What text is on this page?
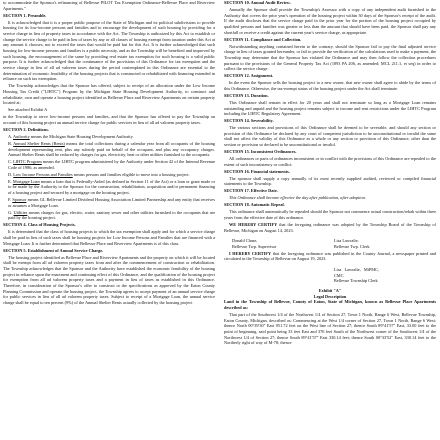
to accommodate the Sponsor's refinancing of Bellevue PILOT Tax Exemption Ordinance-Bellevue Place and Riverview Apartments."

SECTION 1. Preamble.

It is acknowledged that it is a proper public purpose of the State of Michigan and its political subdivisions to provide housing for its low-income persons and families and to encourage the development of such housing by providing for a service charge in lieu of property taxes in accordance with the Act. The Township is authorized by this Act to establish or change the service charge to be paid in lieu of taxes by any or all classes of housing exempt from taxation under this Act at any amount it chooses, not to exceed the taxes that would be paid but for this Act. It is further acknowledged that such housing for low-income persons and families is a public necessity, and as the Township will be benefited and improved by such housing, the encouragement of the same by providing real estate tax exemption for such housing is a valid public purpose. It is further acknowledged that the continuance of the provisions of this Ordinance for tax exemption and the service charge in lieu of all ad valorem taxes during the period contemplated in this Ordinance are essential to the determination of economic feasibility of the housing projects that is constructed or rehabilitated with financing extended in reliance on such tax exemption.

The Township acknowledges that the Sponsor has offered, subject to receipt of an allocation under the Low Income Housing Tax Credit ("LIHTC") Program by the Michigan State Housing Development Authority, to construct and rehabilitate, own and operate a housing project identified as Bellevue Place and Riverview Apartments on certain property located at:

See attached Exhibit A

in the Township to serve low-income persons and families, and that the Sponsor has offered to pay the Township on account of this housing project an annual service charge for public services in lieu of all ad valorem property taxes.

SECTION 2. Definitions.

A. Authority means the Michigan State Housing Development Authority.

B. Annual Shelter Rents (Rents) means the total collections during a calendar year from all occupants of the housing development representing rent, plus any subsidy paid on behalf of the occupant, and plus any occupancy charges. Annual Shelter Rents shall be reduced by charges for gas, electricity, heat or other utilities furnished to the occupants.

C. LIHTC Program means the LIHTC program administered by the Authority under Section 42 of the Internal Revenue Code of 1986, as amended.

D. Low Income Persons and Families means persons and families eligible to move into a housing project.

E. Mortgage Loan means a loan that is Federally-Aided (as defined in Section 11 of the Act) or a loan or grant made or to be made by the Authority to the Sponsor for the construction, rehabilitation, acquisition and/or permanent financing of a housing project and secured by a mortgage on the housing project.

F. Sponsor means GL Bellevue Limited Dividend Housing Association Limited Partnership and any entity that receives or assumes a Mortgage Loan.

G. Utilities means charges for gas, electric, water, sanitary sewer and other utilities furnished to the occupants that are paid by the housing project.

SECTION 4. Class of Housing Projects.

It is determined that the class of housing projects to which the tax exemption shall apply and for which a service charge shall be paid in lieu of such taxes shall be housing projects for Low Income Persons and Families that are financed with a Mortgage Loan. It is further determined that Bellevue Place and Riverview Apartments is of this class.

SECTION 5. Establishment of Annual Service Charge.

The housing project identified as Bellevue Place and Riverview Apartments and the property on which it will be located shall be exempt from all ad valorem property taxes from and after the commencement of construction or rehabilitation. The Township acknowledges that the Sponsor and the Authority have established the economic feasibility of the housing project in reliance upon the enactment and continuing effect of this Ordinance, and the qualification of the housing project for exemption from all ad valorem property taxes and a payment in lieu of taxes as established in this Ordinance. Therefore, in consideration of the Sponsor's offer to construct to the specifications as approved by the Eaton County Planning Commission and operate the housing project, the Township agrees to accept payment of an annual service charge for public services in lieu of all ad valorem property taxes. Subject to receipt of a Mortgage Loan, the annual service charge shall be equal to ten percent (9%) of the Annual Shelter Rents actually collected by the housing project

SECTION 10. Annual Audit Review.

Annually the Sponsor shall provide the Township's Assessor with a copy of any independent audit furnished to the Authority that covers the prior year's operation of the housing project within 30 days of the Sponsor's receipt of the audit. If the audit discloses that the service charge paid in the prior year for the portion of the housing project occupied by qualified persons and families was greater or less than the amount that should have been paid, the Sponsor shall pay any shortfall or receive a credit against the current year's service charge, as appropriate.

SECTION 11. Compliance and Collection.

Notwithstanding anything contained herein to the contrary, should the Sponsor fail to pay the final adjusted service charge in lieu of taxes granted hereunder, or fail to provide the verification of the calculations used to make a payment, the Township may determine that the Sponsor has violated the Ordinance and may then follow the collection procedures pursuant to the provisions of the General Property Tax Act (1893 PA 206, as amended; MCL 211.1, et seq) in order to collect the service charge.

SECTION 12. Assignment.

In the event the Sponsor sells the housing project to a new owner, that new owner shall agree to abide by the terms of this Ordinance. Otherwise, the tax-exempt status of the housing project under the Act shall terminate.

SECTION 13. Duration.

This Ordinance shall remain in effect for 20 years and shall not terminate so long as a Mortgage Loan remains outstanding and unpaid and the housing project remains subject to income and rent restrictions under the LIHTC Program including the LIHTC Regulatory Agreement.

SECTION 14. Severability.

The various sections and provisions of this Ordinance shall be deemed to be severable, and should any section or provision of this Ordinance be declared by any court of competent jurisdiction to be unconstitutional or invalid the same shall not affect the validity of this Ordinance as a whole or any section or provision of this Ordinance, other than the section or provision so declared to be unconstitutional or invalid.

SECTION 15. Inconsistent Ordinances.

All ordinances or parts of ordinances inconsistent or in conflict with the provisions of this Ordinance are repealed to the extent of such inconsistency or conflict.

SECTION 16. Financial statements.

The sponsor shall supply a copy annually of its most recently supplied audited, reviewed or compiled financial statements to the Township.

SECTION 17. Effective Date.

This Ordinance shall become effective the day after publication, after adoption.

SECTION 18. Automatic Repeal.

This ordinance shall automatically be repealed should the Sponsor not commence actual construction/rehab within three years from the effective date of this ordinance.

WE HEREBY CERTIFY that the foregoing ordinance was adopted by the Township Board of the Township of Bellevue, Michigan on August 14, 2023.

Donald Chase,
Bellevue Twp. Supervisor
Lisa Lawralie,
Bellevue Twp. Clerk

I HEREBY CERTIFY that the foregoing ordinance was published in the County Journal, a newspaper printed and circulated in the Township of Bellevue on August 19, 2023.

Lisa Lawralie, MiPMC, CMC
Bellevue Township Clerk
Exhibit "A"
Legal Description

Land in the Township of Bellevue, County of Eaton, State of Michigan, known as Bellevue Place Apartments described as:

That part of the Southwest 1/4 of the Northwest 1/4 of Section 27, Town 1 North, Range 6 West, Bellevue Township, Eaton County, Michigan, described as: Commencing at the West 1/4 corner of Section 27, Town 1 North, Range 6 West; thence North 00°39'30" East 951.72 feet on the West line of Section 27; thence South 89°41'57" East, 33.00 feet to the point of beginning, said point being 33 feet East and 376 feet South of the Northwest corner of the Southwest 1/4 of the Northwest 1/4 of Section 27; thence South 89°41'57" East 330.14 feet; thence South 00°33'52" East, 330.14 feet to the Northerly right of way of M-78; thence
